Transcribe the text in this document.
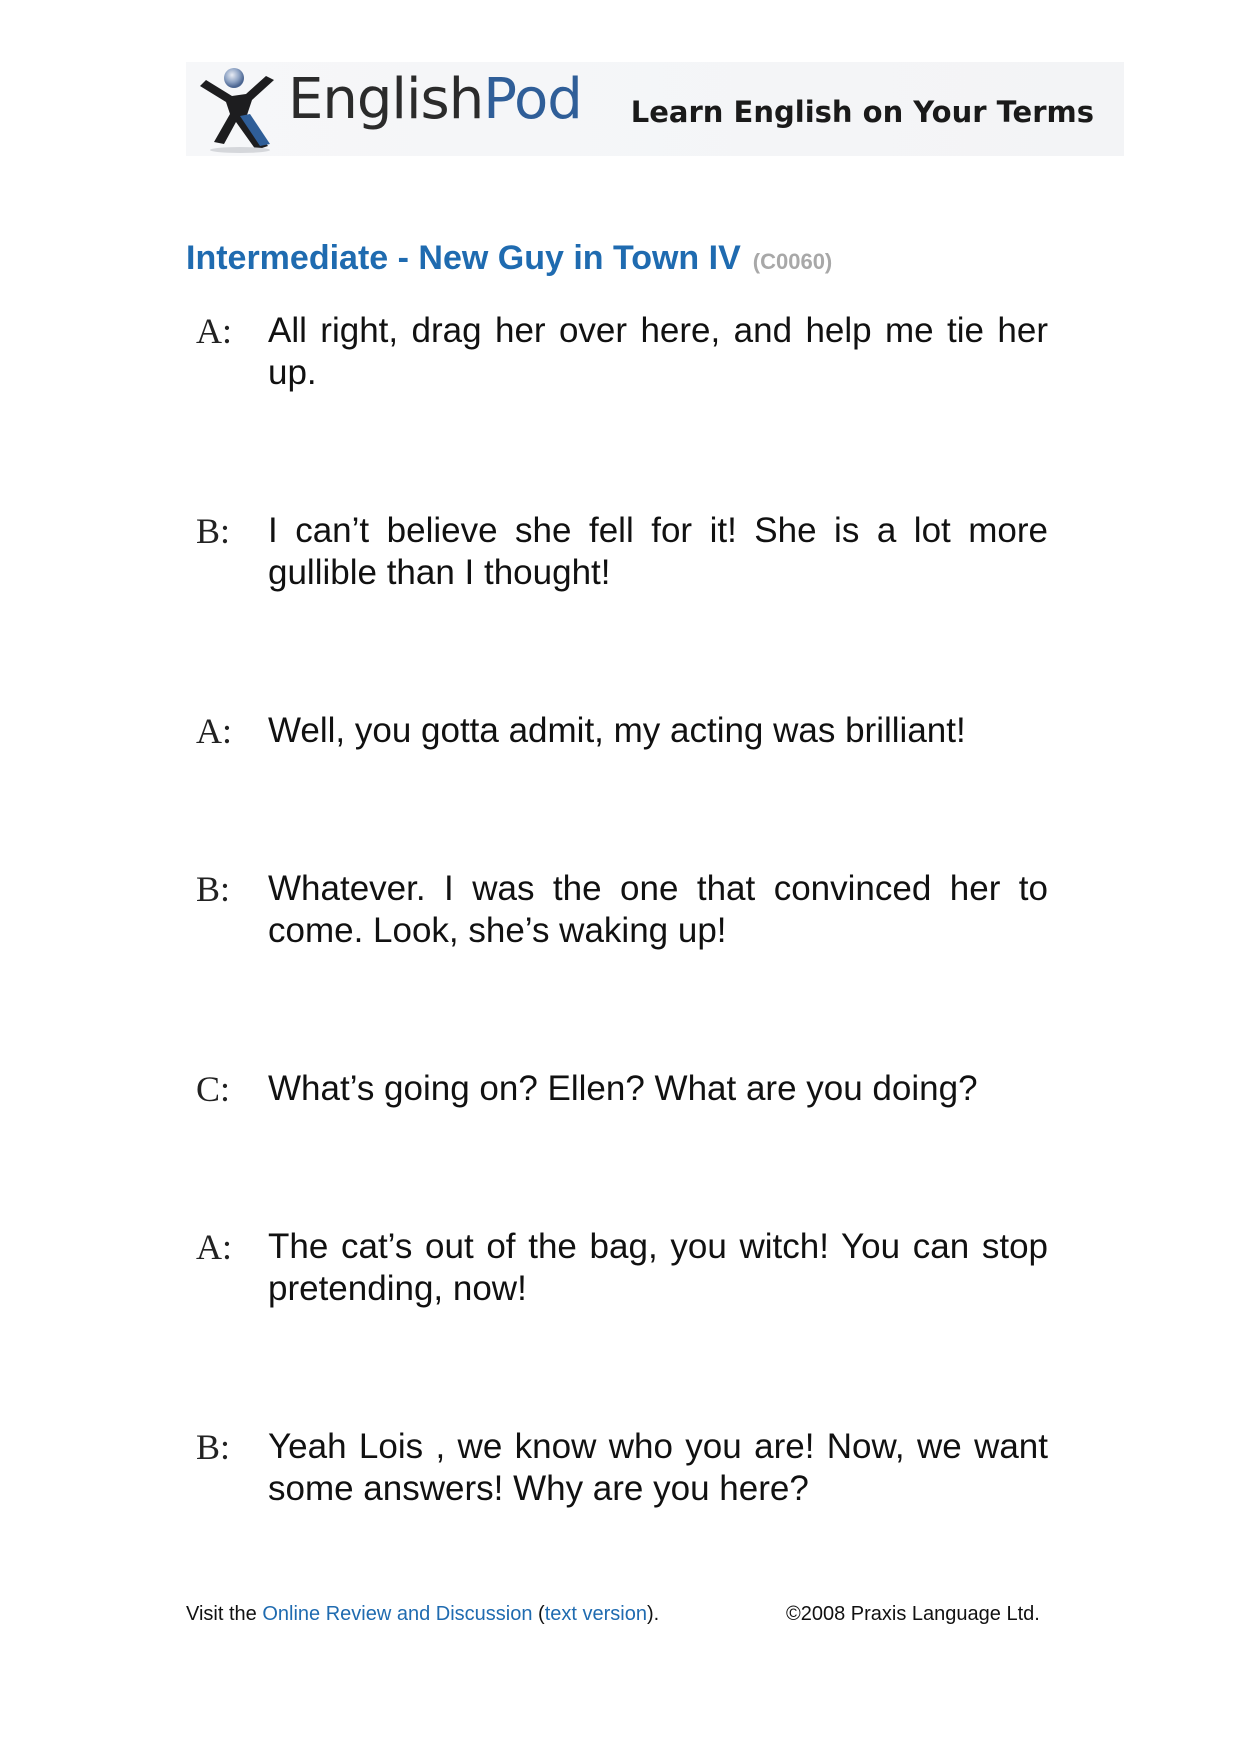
EnglishPod Learn English on Your Terms
Intermediate - New Guy in Town IV (C0060)
A: All right, drag her over here, and help me tie her up.
B: I can’t believe she fell for it! She is a lot more gullible than I thought!
A: Well, you gotta admit, my acting was brilliant!
B: Whatever. I was the one that convinced her to come. Look, she’s waking up!
C: What’s going on? Ellen? What are you doing?
A: The cat’s out of the bag, you witch! You can stop pretending, now!
B: Yeah Lois , we know who you are! Now, we want some answers! Why are you here?
Visit the Online Review and Discussion (text version).	©2008 Praxis Language Ltd.
